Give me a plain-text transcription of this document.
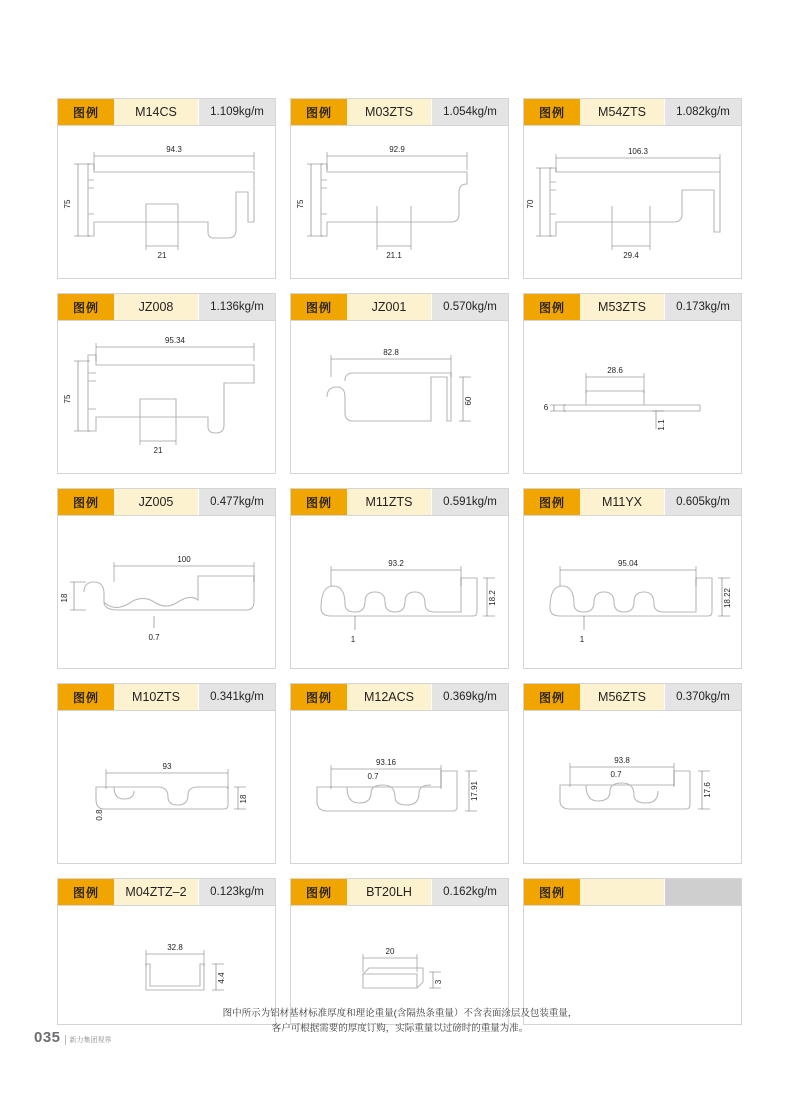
图例	M14CS	1.109kg/m
94.3
75
21
图例	M03ZTS	1.054kg/m
92.9
75
21.1
图例	M54ZTS	1.082kg/m
106.3
70
29.4
图例	JZ008	1.136kg/m
95.34
75
21
图例	JZ001	0.570kg/m
82.8
60
图例	M53ZTS	0.173kg/m
28.6
6
1.1
图例	JZ005	0.477kg/m
100
18
0.7
图例	M11ZTS	0.591kg/m
93.2
18.2
1
图例	M11YX	0.605kg/m
95.04
18.22
1
图例	M10ZTS	0.341kg/m
93
18
0.8
图例	M12ACS	0.369kg/m
93.16
17.91
0.7
图例	M56ZTS	0.370kg/m
93.8
17.6
0.7
图例	M04ZTZ–2	0.123kg/m
32.8
4.4
图例	BT20LH	0.162kg/m
20
3
图例
图中所示为铝材基材标准厚度和理论重量(含隔热条重量）不含表面涂层及包装重量，
客户可根据需要的厚度订购，实际重量以过磅时的重量为准。
035	新力集团视界
